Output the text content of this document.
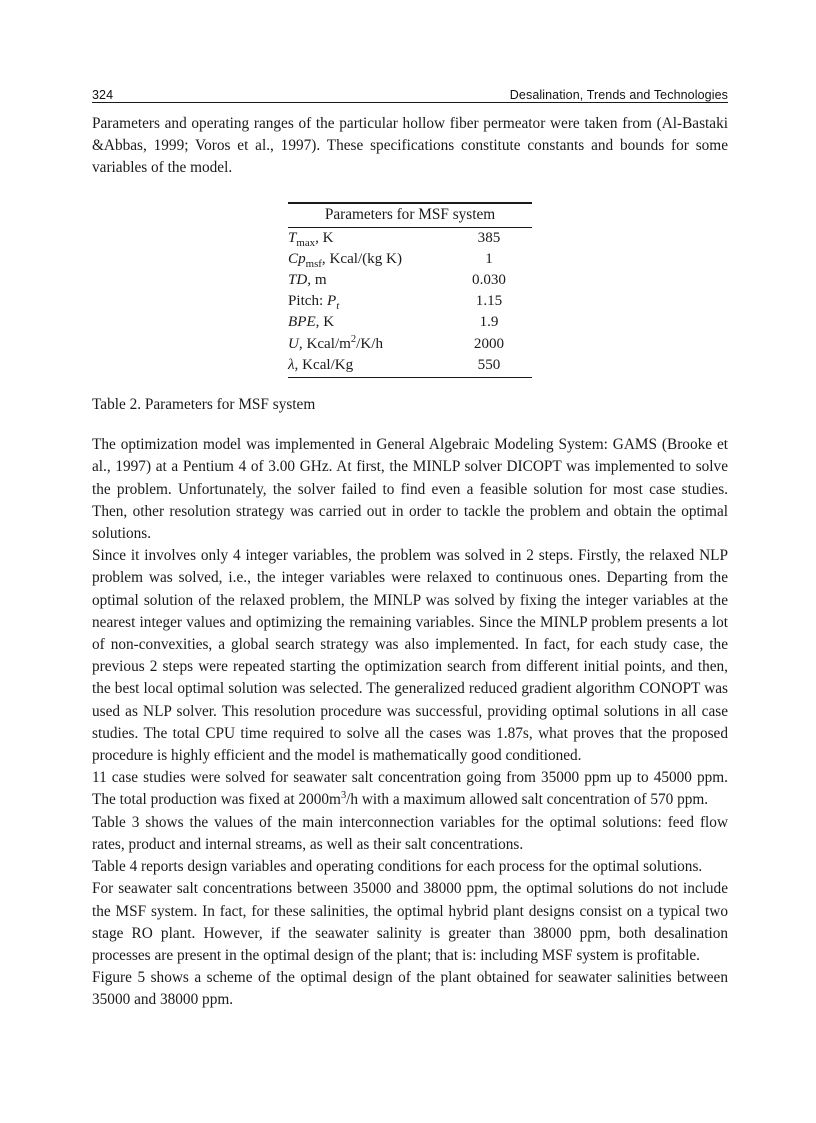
324	Desalination, Trends and Technologies

Parameters and operating ranges of the particular hollow fiber permeator were taken from (Al-Bastaki &Abbas, 1999; Voros et al., 1997). These specifications constitute constants and bounds for some variables of the model.

Parameters for MSF system	
$T_{max}$, K	385
$Cp_{msf}$, Kcal/(kg K)	1
TD, m	0.030
Pitch: $P_t$	1.15
BPE, K	1.9
U, Kcal/$m^2/K/h$	2000
λ, Kcal/Kg	550

Table 2. Parameters for MSF system

The optimization model was implemented in General Algebraic Modeling System: GAMS (Brooke et al., 1997) at a Pentium 4 of 3.00 GHz. At first, the MINLP solver DICOPT was implemented to solve the problem. Unfortunately, the solver failed to find even a feasible solution for most case studies. Then, other resolution strategy was carried out in order to tackle the problem and obtain the optimal solutions.

Since it involves only 4 integer variables, the problem was solved in 2 steps. Firstly, the relaxed NLP problem was solved, i.e., the integer variables were relaxed to continuous ones. Departing from the optimal solution of the relaxed problem, the MINLP was solved by fixing the integer variables at the nearest integer values and optimizing the remaining variables. Since the MINLP problem presents a lot of non-convexities, a global search strategy was also implemented. In fact, for each study case, the previous 2 steps were repeated starting the optimization search from different initial points, and then, the best local optimal solution was selected. The generalized reduced gradient algorithm CONOPT was used as NLP solver. This resolution procedure was successful, providing optimal solutions in all case studies. The total CPU time required to solve all the cases was 1.87s, what proves that the proposed procedure is highly efficient and the model is mathematically good conditioned.

11 case studies were solved for seawater salt concentration going from 35000 ppm up to 45000 ppm. The total production was fixed at $2000m^3/h$ with a maximum allowed salt concentration of 570 ppm.

Table 3 shows the values of the main interconnection variables for the optimal solutions: feed flow rates, product and internal streams, as well as their salt concentrations.

Table 4 reports design variables and operating conditions for each process for the optimal solutions.

For seawater salt concentrations between 35000 and 38000 ppm, the optimal solutions do not include the MSF system. In fact, for these salinities, the optimal hybrid plant designs consist on a typical two stage RO plant. However, if the seawater salinity is greater than 38000 ppm, both desalination processes are present in the optimal design of the plant; that is: including MSF system is profitable.

Figure 5 shows a scheme of the optimal design of the plant obtained for seawater salinities between 35000 and 38000 ppm.
